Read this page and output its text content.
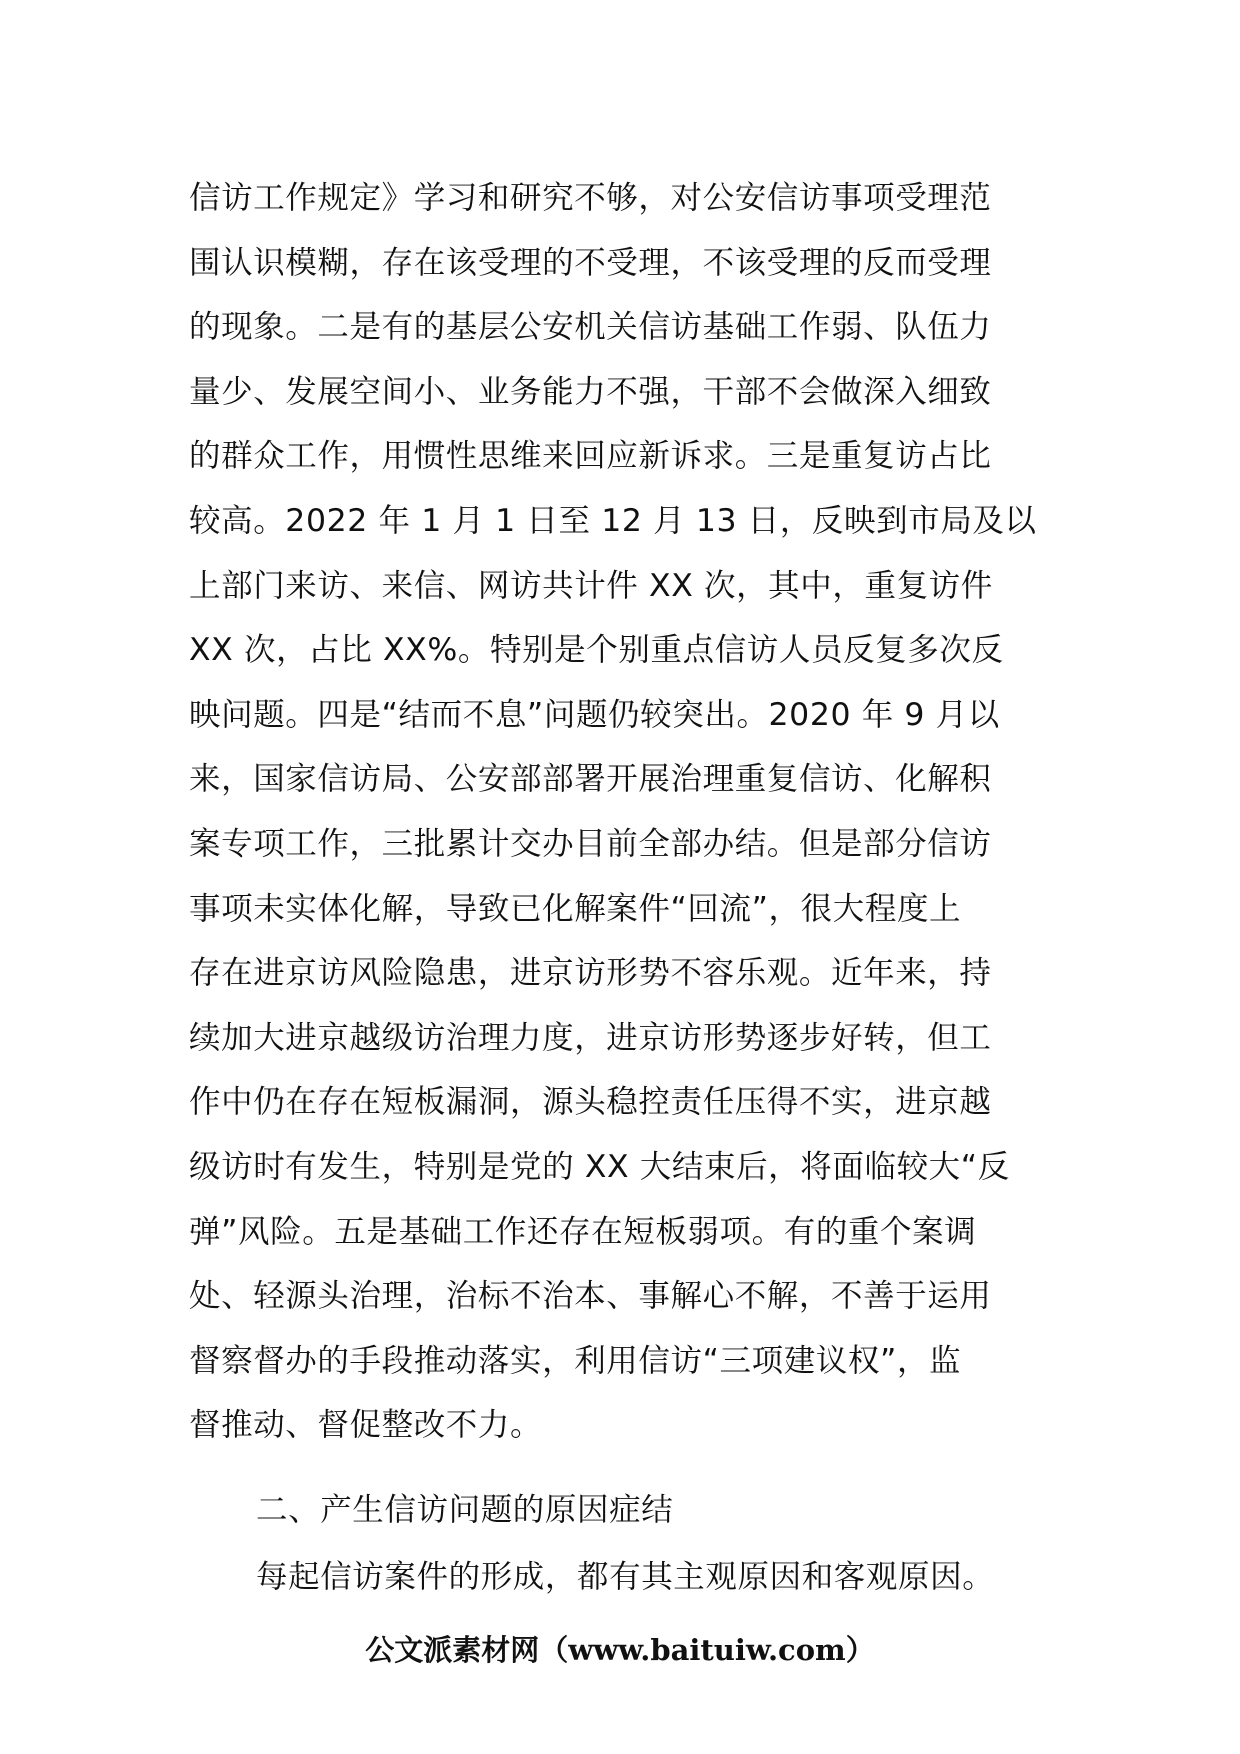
信访工作规定》学习和研究不够，对公安信访事项受理范
围认识模糊，存在该受理的不受理，不该受理的反而受理
的现象。二是有的基层公安机关信访基础工作弱、队伍力
量少、发展空间小、业务能力不强，干部不会做深入细致
的群众工作，用惯性思维来回应新诉求。三是重复访占比
较高。2022 年 1 月 1 日至 12 月 13 日，反映到市局及以
上部门来访、来信、网访共计件 XX 次，其中，重复访件
XX 次，占比 XX%。特别是个别重点信访人员反复多次反
映问题。四是“结而不息”问题仍较突出。2020 年 9 月以
来，国家信访局、公安部部署开展治理重复信访、化解积
案专项工作，三批累计交办目前全部办结。但是部分信访
事项未实体化解，导致已化解案件“回流”，很大程度上
存在进京访风险隐患，进京访形势不容乐观。近年来，持
续加大进京越级访治理力度，进京访形势逐步好转，但工
作中仍在存在短板漏洞，源头稳控责任压得不实，进京越
级访时有发生，特别是党的 XX 大结束后，将面临较大“反
弹”风险。五是基础工作还存在短板弱项。有的重个案调
处、轻源头治理，治标不治本、事解心不解，不善于运用
督察督办的手段推动落实，利用信访“三项建议权”，监
督推动、督促整改不力。
二、产生信访问题的原因症结

每起信访案件的形成，都有其主观原因和客观原因。

公文派素材网（www.baituiw.com）
